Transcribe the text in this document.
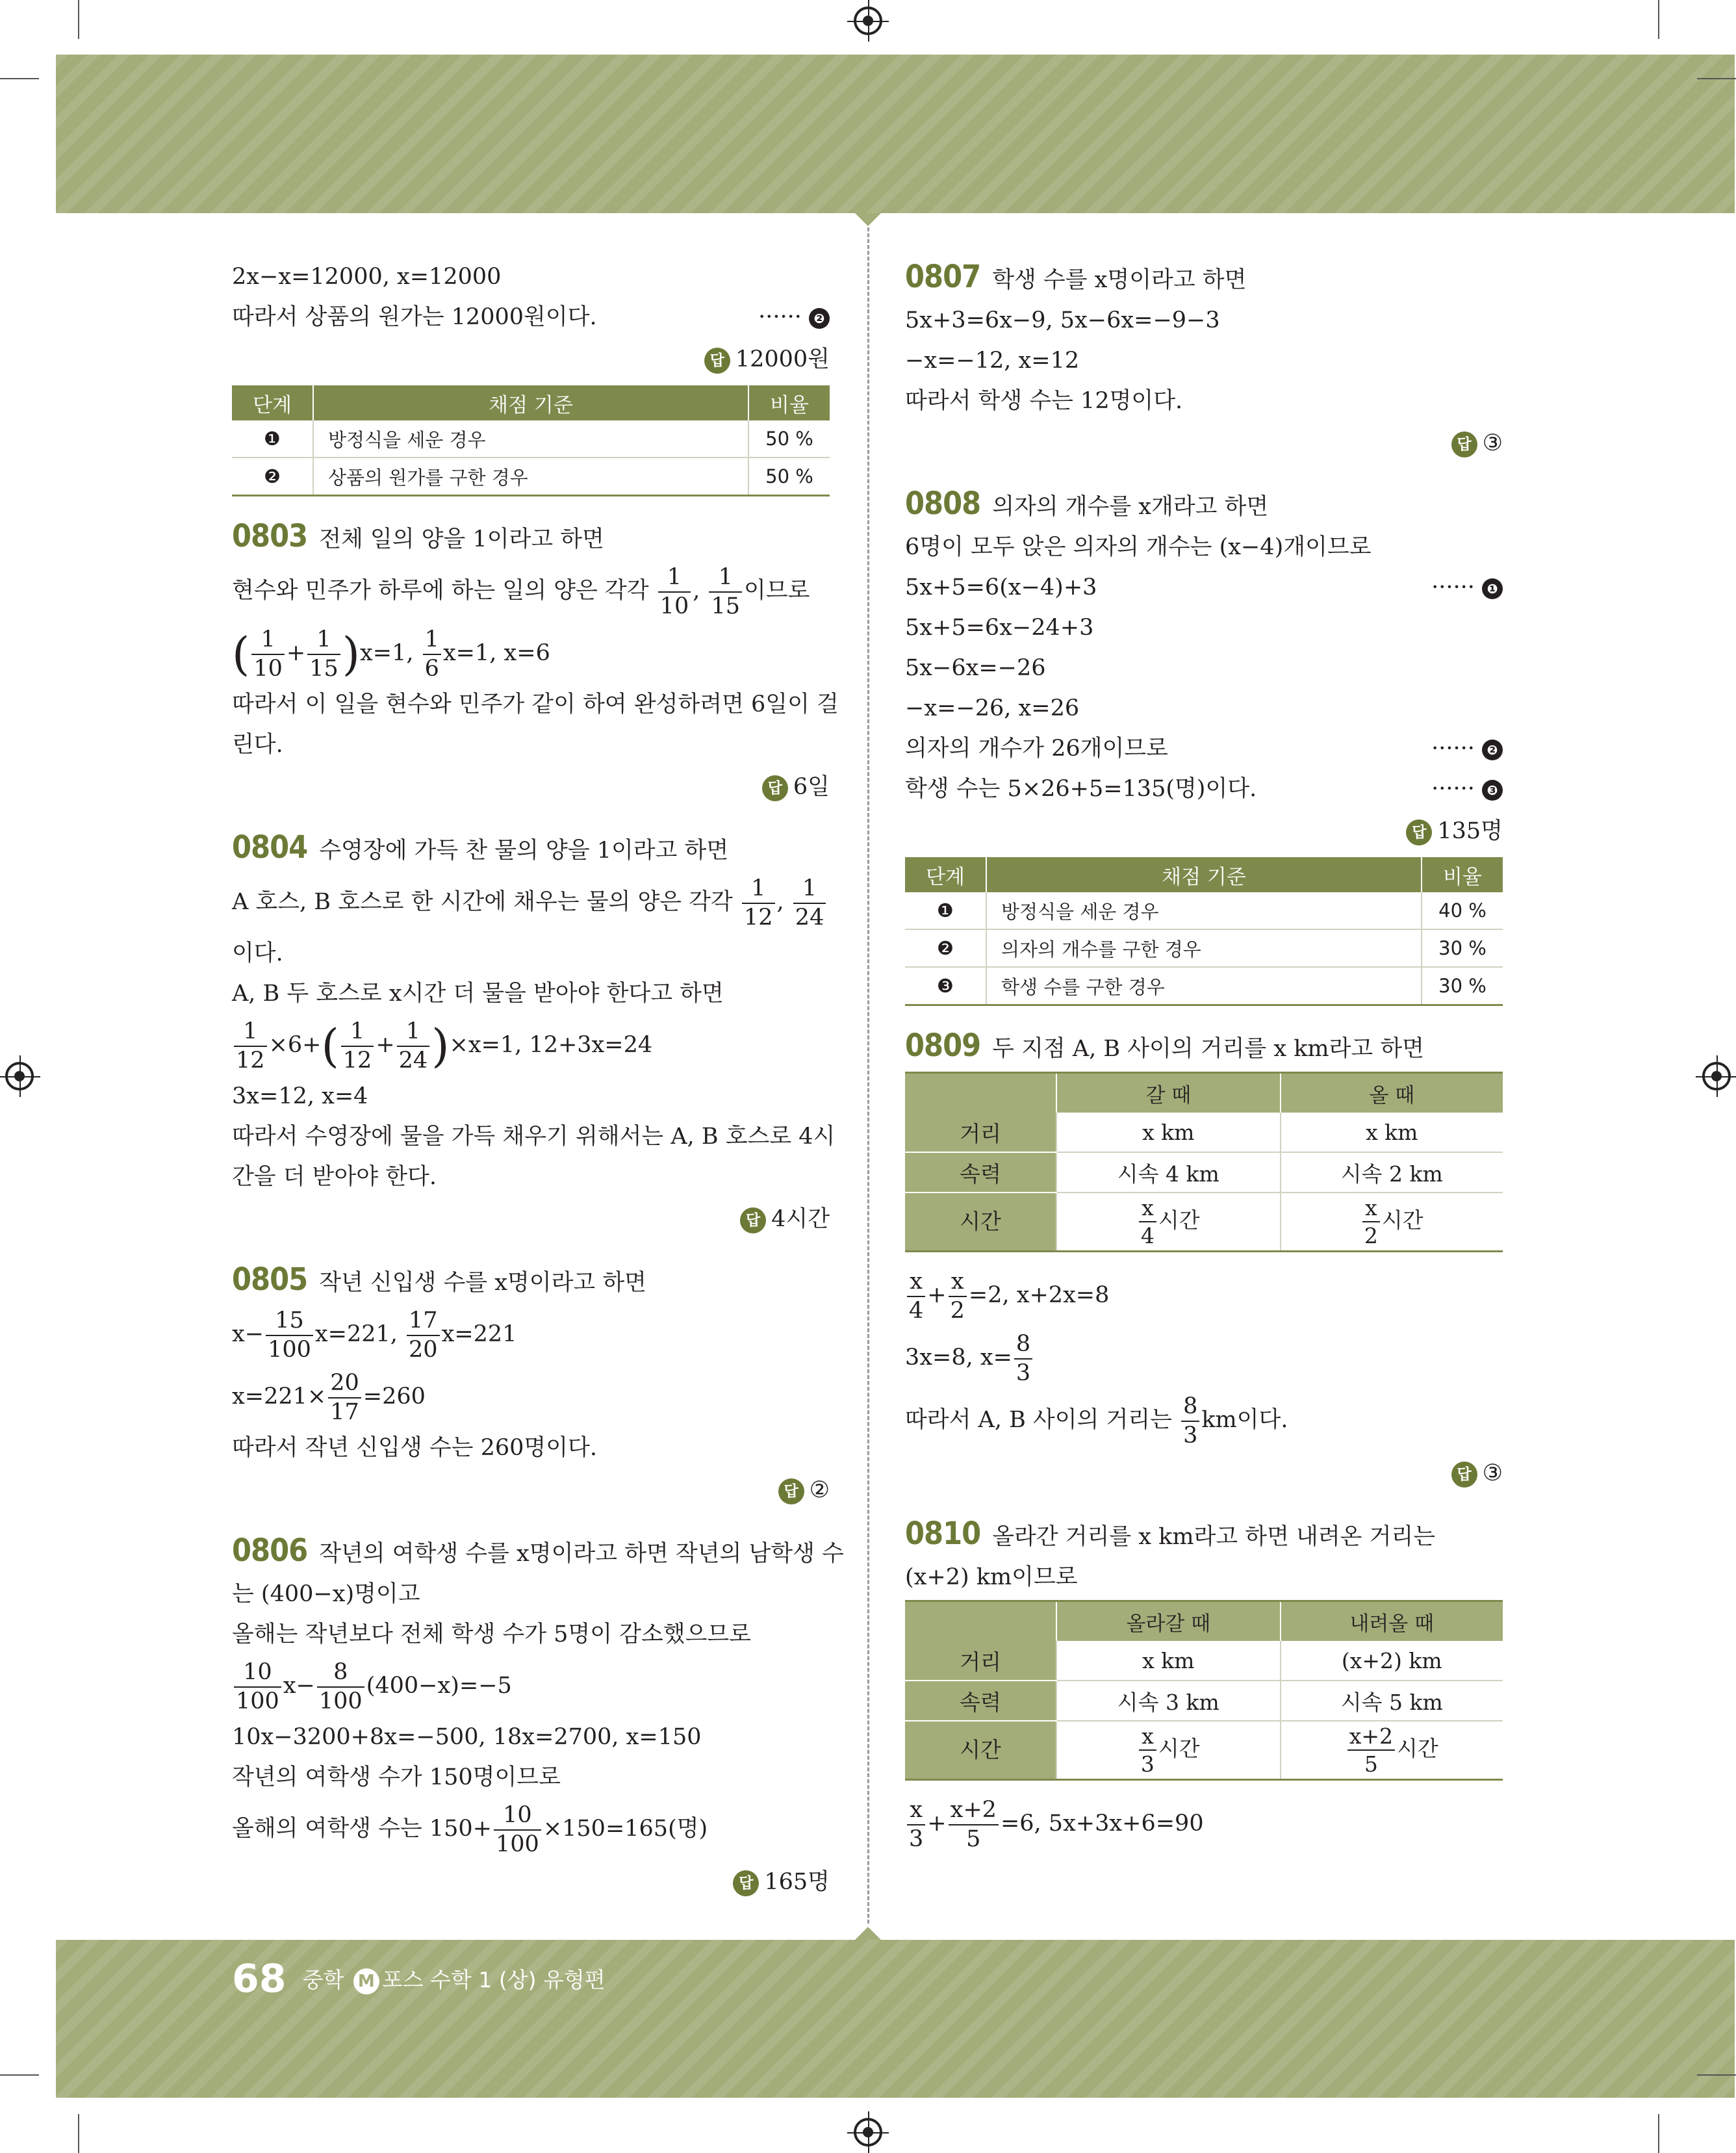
2x−x=12000, x=12000
따라서 상품의 원가는 12000원이다.	······ ❷
답 12000원
단계	채점 기준	비율
❶	방정식을 세운 경우	50 %
❷	상품의 원가를 구한 경우	50 %
0803 전체 일의 양을 1이라고 하면
현수와 민주가 하루에 하는 일의 양은 각각 $\frac{1}{10}$ , $\frac{1}{15}$ 이므로
( $\frac{1}{10} + \frac{1}{15} )x=1$, $\frac{1}{6} x=1$, x=6
따라서 이 일을 현수와 민주가 같이 하여 완성하려면 6일이 걸
린다.
답 6일
0804 수영장에 가득 찬 물의 양을 1이라고 하면
A 호스, B 호스로 한 시간에 채우는 물의 양은 각각 $\frac{1}{12}$ , $\frac{1}{24}$
이다.
A, B 두 호스로 x시간 더 물을 받아야 한다고 하면
$\frac{1}{12} \times 6+( \frac{1}{12} + \frac{1}{24} )\times x=1$, 12+3x=24
3x=12, x=4
따라서 수영장에 물을 가득 채우기 위해서는 A, B 호스로 4시
간을 더 받아야 한다.
답 4시간
0805 작년 신입생 수를 x명이라고 하면
$x- \frac{15}{100} x=221$, $\frac{17}{20} x=221$
$x=221\times \frac{20}{17} =260$
따라서 작년 신입생 수는 260명이다.
답 ②
0806 작년의 여학생 수를 x명이라고 하면 작년의 남학생 수
는 (400−x)명이고
올해는 작년보다 전체 학생 수가 5명이 감소했으므로
$\frac{10}{100} x- \frac{8}{100} (400-x)=-5$
10x−3200+8x=−500, 18x=2700, x=150
작년의 여학생 수가 150명이므로
올해의 여학생 수는 $150+ \frac{10}{100} \times 150=165$(명)
답 165명
0807 학생 수를 x명이라고 하면
5x+3=6x−9, 5x−6x=−9−3
−x=−12, x=12
따라서 학생 수는 12명이다.
답 ③
0808 의자의 개수를 x개라고 하면
6명이 모두 앉은 의자의 개수는 (x−4)개이므로
5x+5=6(x−4)+3	······ ❶
5x+5=6x−24+3
5x−6x=−26
−x=−26, x=26
의자의 개수가 26개이므로	······ ❷
학생 수는 5×26+5=135(명)이다.	······ ❸
답 135명
단계	채점 기준	비율
❶	방정식을 세운 경우	40 %
❷	의자의 개수를 구한 경우	30 %
❸	학생 수를 구한 경우	30 %
0809 두 지점 A, B 사이의 거리를 x km라고 하면
	갈 때	올 때
거리	x km	x km
속력	시속 4 km	시속 2 km
시간	$\frac{x}{4}$ 시간	$\frac{x}{2}$ 시간
$\frac{x}{4} + \frac{x}{2} =2$, x+2x=8
3x=8, $x= \frac{8}{3}$
따라서 A, B 사이의 거리는 $\frac{8}{3}$ km이다.
답 ③
0810 올라간 거리를 x km라고 하면 내려온 거리는
(x+2) km이므로
	올라갈 때	내려올 때
거리	x km	(x+2) km
속력	시속 3 km	시속 5 km
시간	$\frac{x}{3}$ 시간	$\frac{x+2}{5}$ 시간
$\frac{x}{3} + \frac{x+2}{5} =6$, 5x+3x+6=90
68 중학 M 포스 수학 1 (상) 유형편
